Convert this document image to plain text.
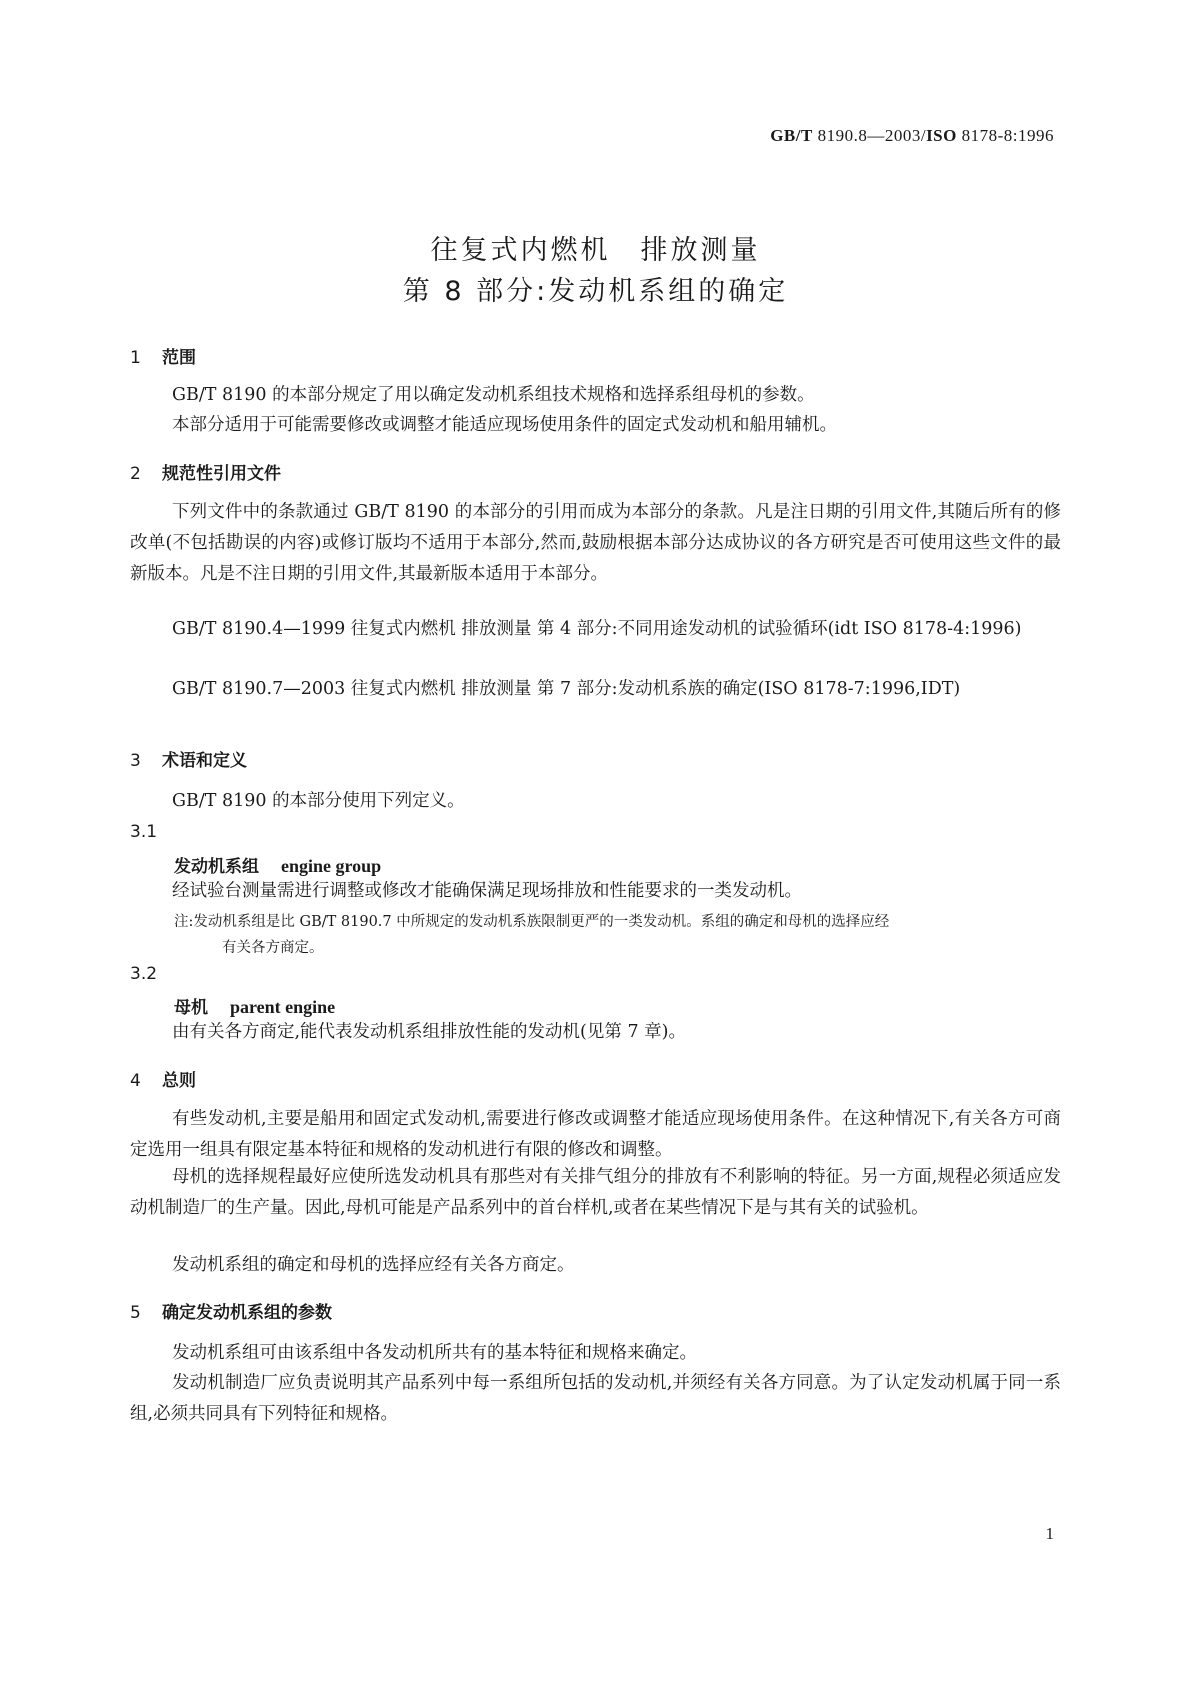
GB/T 8190.8—2003/ISO 8178-8:1996
往复式内燃机 排放测量
第 8 部分:发动机系组的确定
1 范围
GB/T 8190 的本部分规定了用以确定发动机系组技术规格和选择系组母机的参数。
本部分适用于可能需要修改或调整才能适应现场使用条件的固定式发动机和船用辅机。
2 规范性引用文件
下列文件中的条款通过 GB/T 8190 的本部分的引用而成为本部分的条款。凡是注日期的引用文件,其随后所有的修改单(不包括勘误的内容)或修订版均不适用于本部分,然而,鼓励根据本部分达成协议的各方研究是否可使用这些文件的最新版本。凡是不注日期的引用文件,其最新版本适用于本部分。
GB/T 8190.4—1999 往复式内燃机 排放测量 第 4 部分:不同用途发动机的试验循环(idt ISO 8178-4:1996)
GB/T 8190.7—2003 往复式内燃机 排放测量 第 7 部分:发动机系族的确定(ISO 8178-7:1996,IDT)
3 术语和定义
GB/T 8190 的本部分使用下列定义。
3.1
发动机系组 engine group
经试验台测量需进行调整或修改才能确保满足现场排放和性能要求的一类发动机。
注:发动机系组是比 GB/T 8190.7 中所规定的发动机系族限制更严的一类发动机。系组的确定和母机的选择应经
有关各方商定。
3.2
母机 parent engine
由有关各方商定,能代表发动机系组排放性能的发动机(见第 7 章)。
4 总则
有些发动机,主要是船用和固定式发动机,需要进行修改或调整才能适应现场使用条件。在这种情况下,有关各方可商定选用一组具有限定基本特征和规格的发动机进行有限的修改和调整。
母机的选择规程最好应使所选发动机具有那些对有关排气组分的排放有不利影响的特征。另一方面,规程必须适应发动机制造厂的生产量。因此,母机可能是产品系列中的首台样机,或者在某些情况下是与其有关的试验机。
发动机系组的确定和母机的选择应经有关各方商定。
5 确定发动机系组的参数
发动机系组可由该系组中各发动机所共有的基本特征和规格来确定。
发动机制造厂应负责说明其产品系列中每一系组所包括的发动机,并须经有关各方同意。为了认定发动机属于同一系组,必须共同具有下列特征和规格。
1
